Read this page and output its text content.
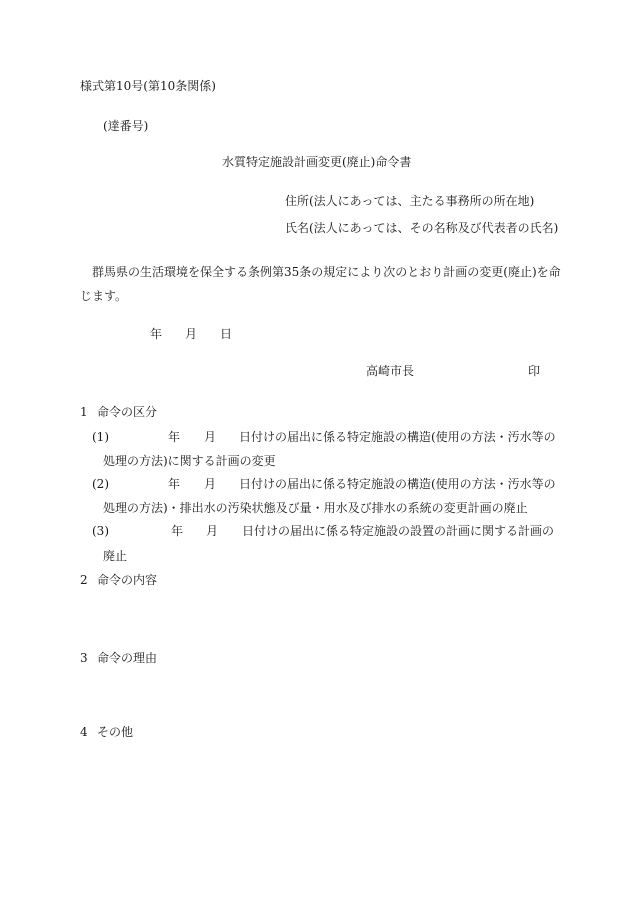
様式第10号(第10条関係)
(達番号)
水質特定施設計画変更(廃止)命令書
住所(法人にあっては、主たる事務所の所在地)
氏名(法人にあっては、その名称及び代表者の氏名)
群馬県の生活環境を保全する条例第35条の規定により次のとおり計画の変更(廃止)を命
じます。
年 月 日
高崎市長	印
1 命令の区分
(1)	年 月 日付けの届出に係る特定施設の構造(使用の方法・汚水等の
処理の方法)に関する計画の変更
(2)	年 月 日付けの届出に係る特定施設の構造(使用の方法・汚水等の
処理の方法)・排出水の汚染状態及び量・用水及び排水の系統の変更計画の廃止
(3)	年 月 日付けの届出に係る特定施設の設置の計画に関する計画の
廃止
2 命令の内容
3 命令の理由
4 その他
